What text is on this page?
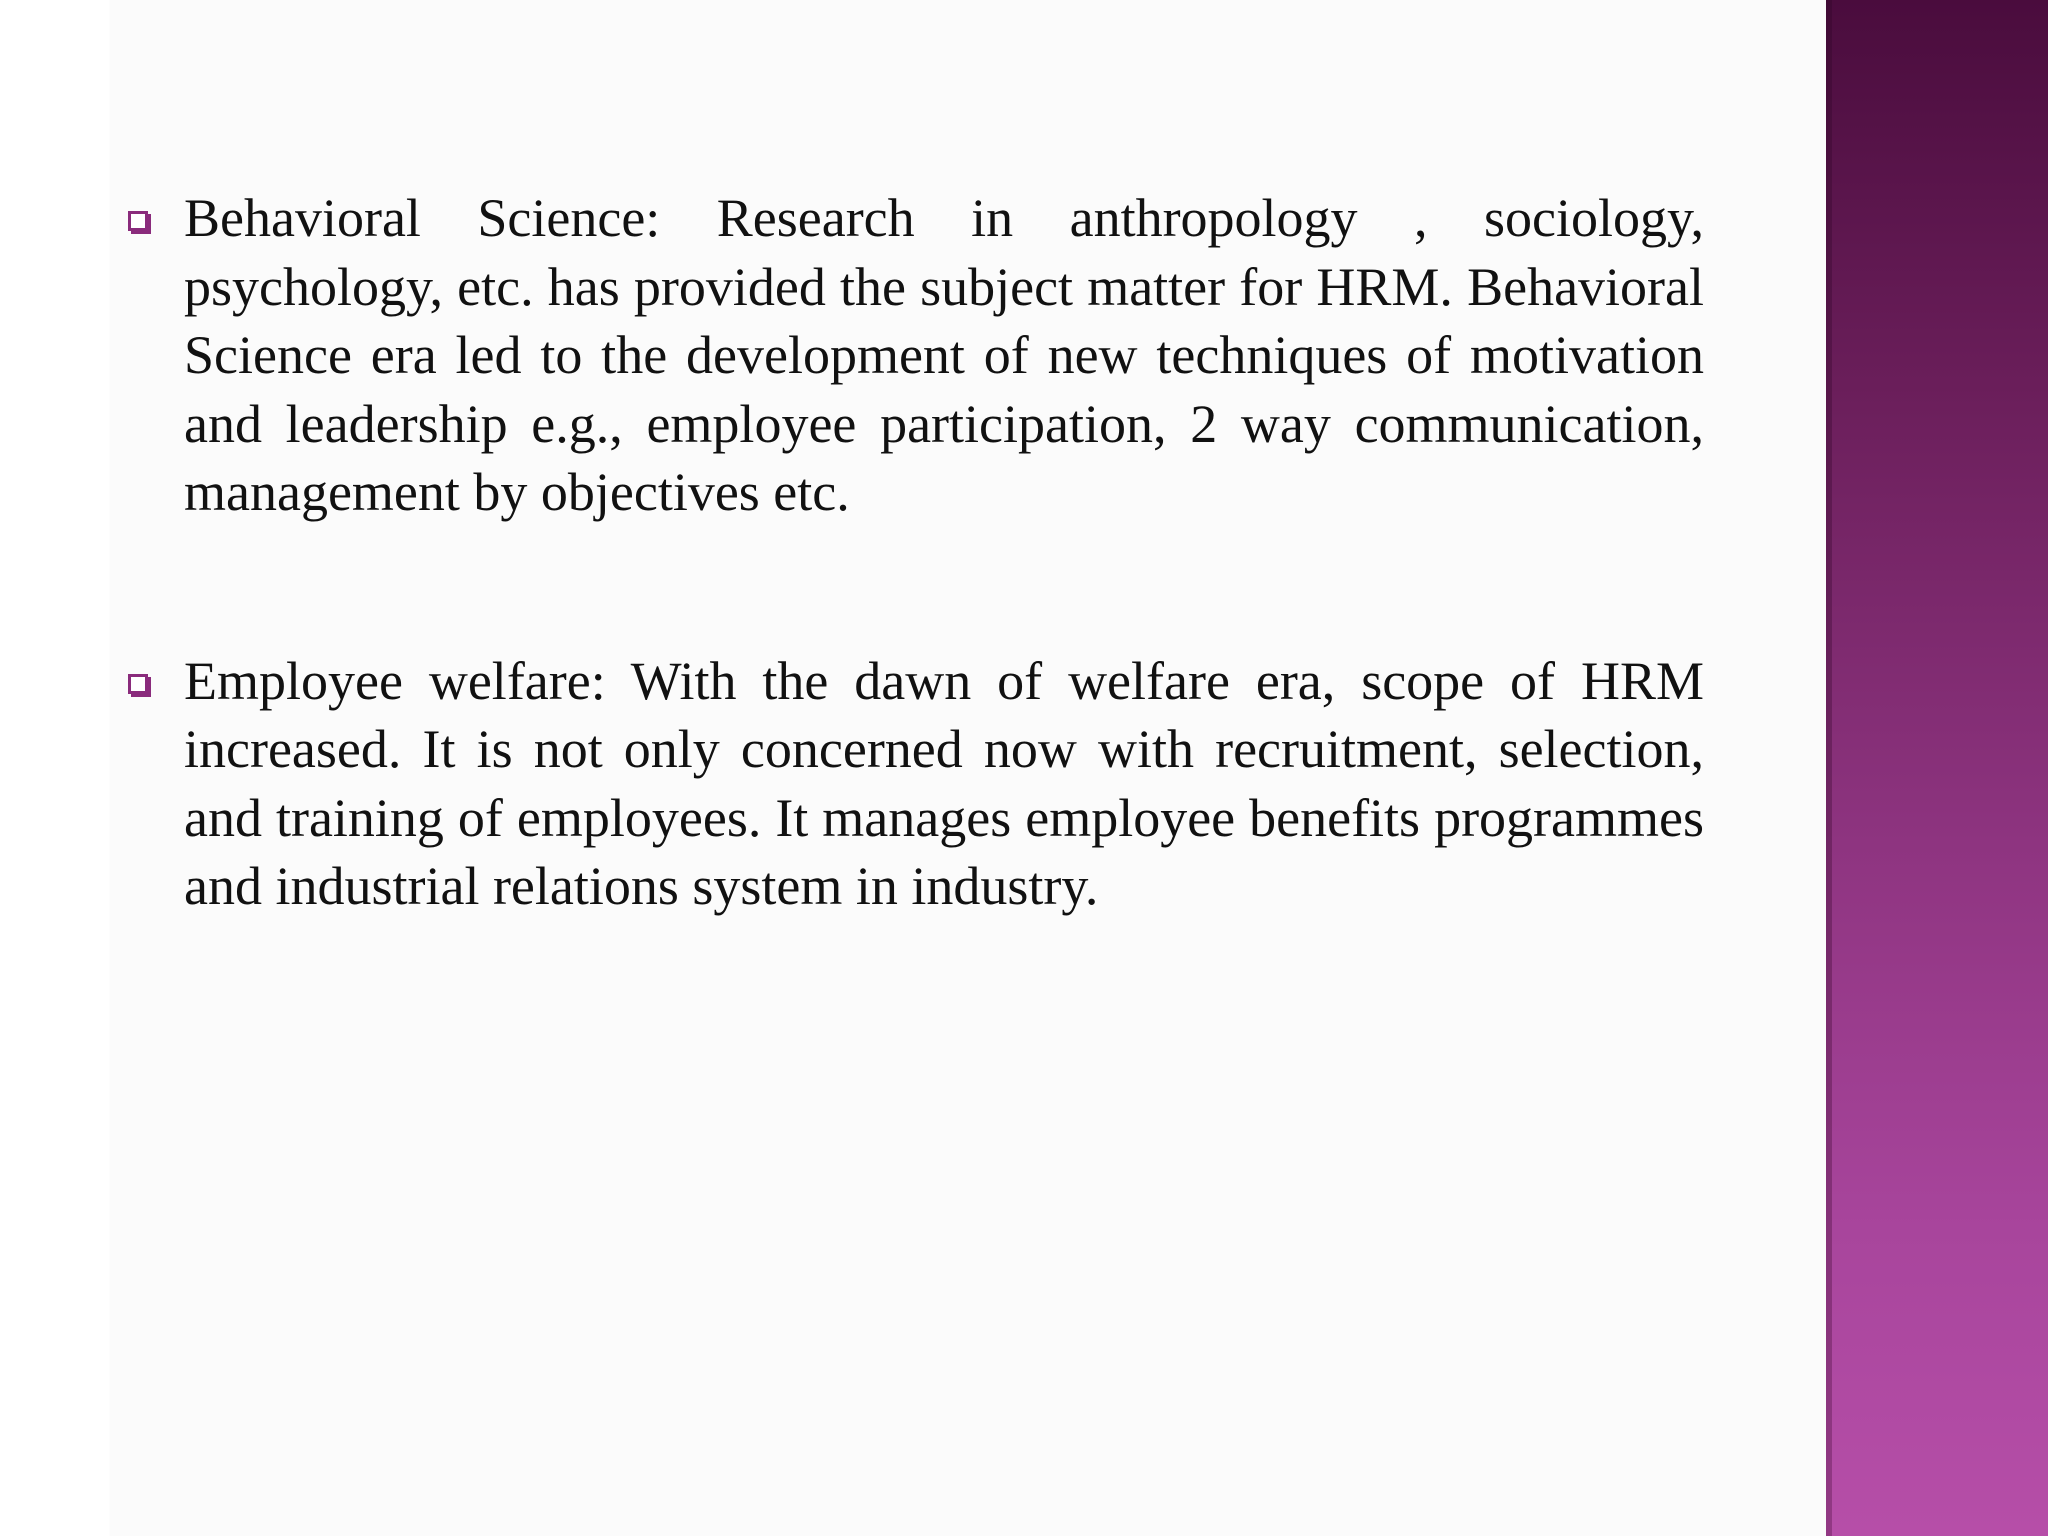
Behavioral Science: Research in anthropology , sociology, psychology, etc. has provided the subject matter for HRM. Behavioral Science era led to the development of new techniques of motivation and leadership e.g., employee participation, 2 way communication, management by objectives etc.
Employee welfare: With the dawn of welfare era, scope of HRM increased. It is not only concerned now with recruitment, selection, and training of employees. It manages employee benefits programmes and industrial relations system in industry.
